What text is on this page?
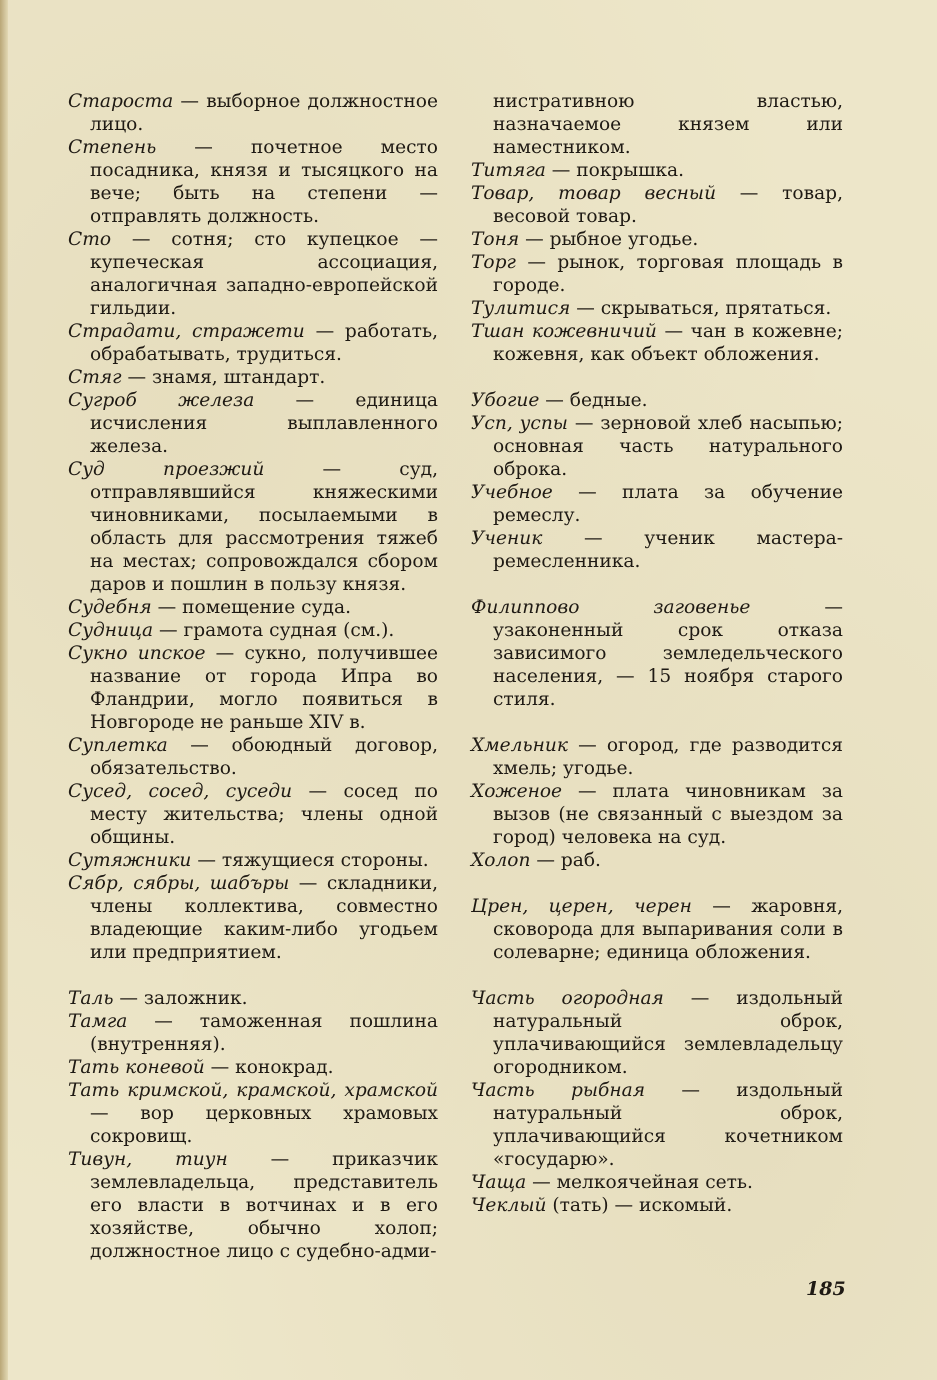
Староста — выборное должностное лицо.
Степень — почетное место посадника, князя и тысяцкого на вече; быть на степени — отправлять должность.
Сто — сотня; сто купецкое — купеческая ассоциация, аналогичная западно-европейской гильдии.
Страдати, стражети — работать, обрабатывать, трудиться.
Стяг — знамя, штандарт.
Сугроб железа — единица исчисления выплавленного железа.
Суд проезжий — суд, отправлявшийся княжескими чиновниками, посылаемыми в область для рассмотрения тяжеб на местах; сопровождался сбором даров и пошлин в пользу князя.
Судебня — помещение суда.
Судница — грамота судная (см.).
Сукно ипское — сукно, получившее название от города Ипра во Фландрии, могло появиться в Новгороде не раньше XIV в.
Суплетка — обоюдный договор, обязательство.
Сусед, сосед, суседи — сосед по месту жительства; члены одной общины.
Сутяжники — тяжущиеся стороны.
Сябр, сябры, шабъры — складники, члены коллектива, совместно владеющие каким-либо угодьем или предприятием.
Таль — заложник.
Тамга — таможенная пошлина (внутренняя).
Тать коневой — конокрад.
Тать кримской, крамской, храмской — вор церковных храмовых сокровищ.
Тивун, тиун — приказчик землевладельца, представитель его власти в вотчинах и в его хозяйстве, обычно холоп; должностное лицо с судебно-адми-
нистративною властью, назначаемое князем или наместником.
Титяга — покрышка.
Товар, товар весный — товар, весовой товар.
Тоня — рыбное угодье.
Торг — рынок, торговая площадь в городе.
Тулитися — скрываться, прятаться.
Тшан кожевничий — чан в кожевне; кожевня, как объект обложения.
Убогие — бедные.
Усп, успы — зерновой хлеб насыпью; основная часть натурального оброка.
Учебное — плата за обучение ремеслу.
Ученик — ученик мастера-ремесленника.
Филиппово заговенье — узаконенный срок отказа зависимого земледельческого населения, — 15 ноября старого стиля.
Хмельник — огород, где разводится хмель; угодье.
Хоженое — плата чиновникам за вызов (не связанный с выездом за город) человека на суд.
Холоп — раб.
Црен, церен, черен — жаровня, сковорода для выпаривания соли в солеварне; единица обложения.
Часть огородная — издольный натуральный оброк, уплачивающийся землевладельцу огородником.
Часть рыбная — издольный натуральный оброк, уплачивающийся кочетником «государю».
Чаща — мелкоячейная сеть.
Чеклый (тать) — искомый.
185
